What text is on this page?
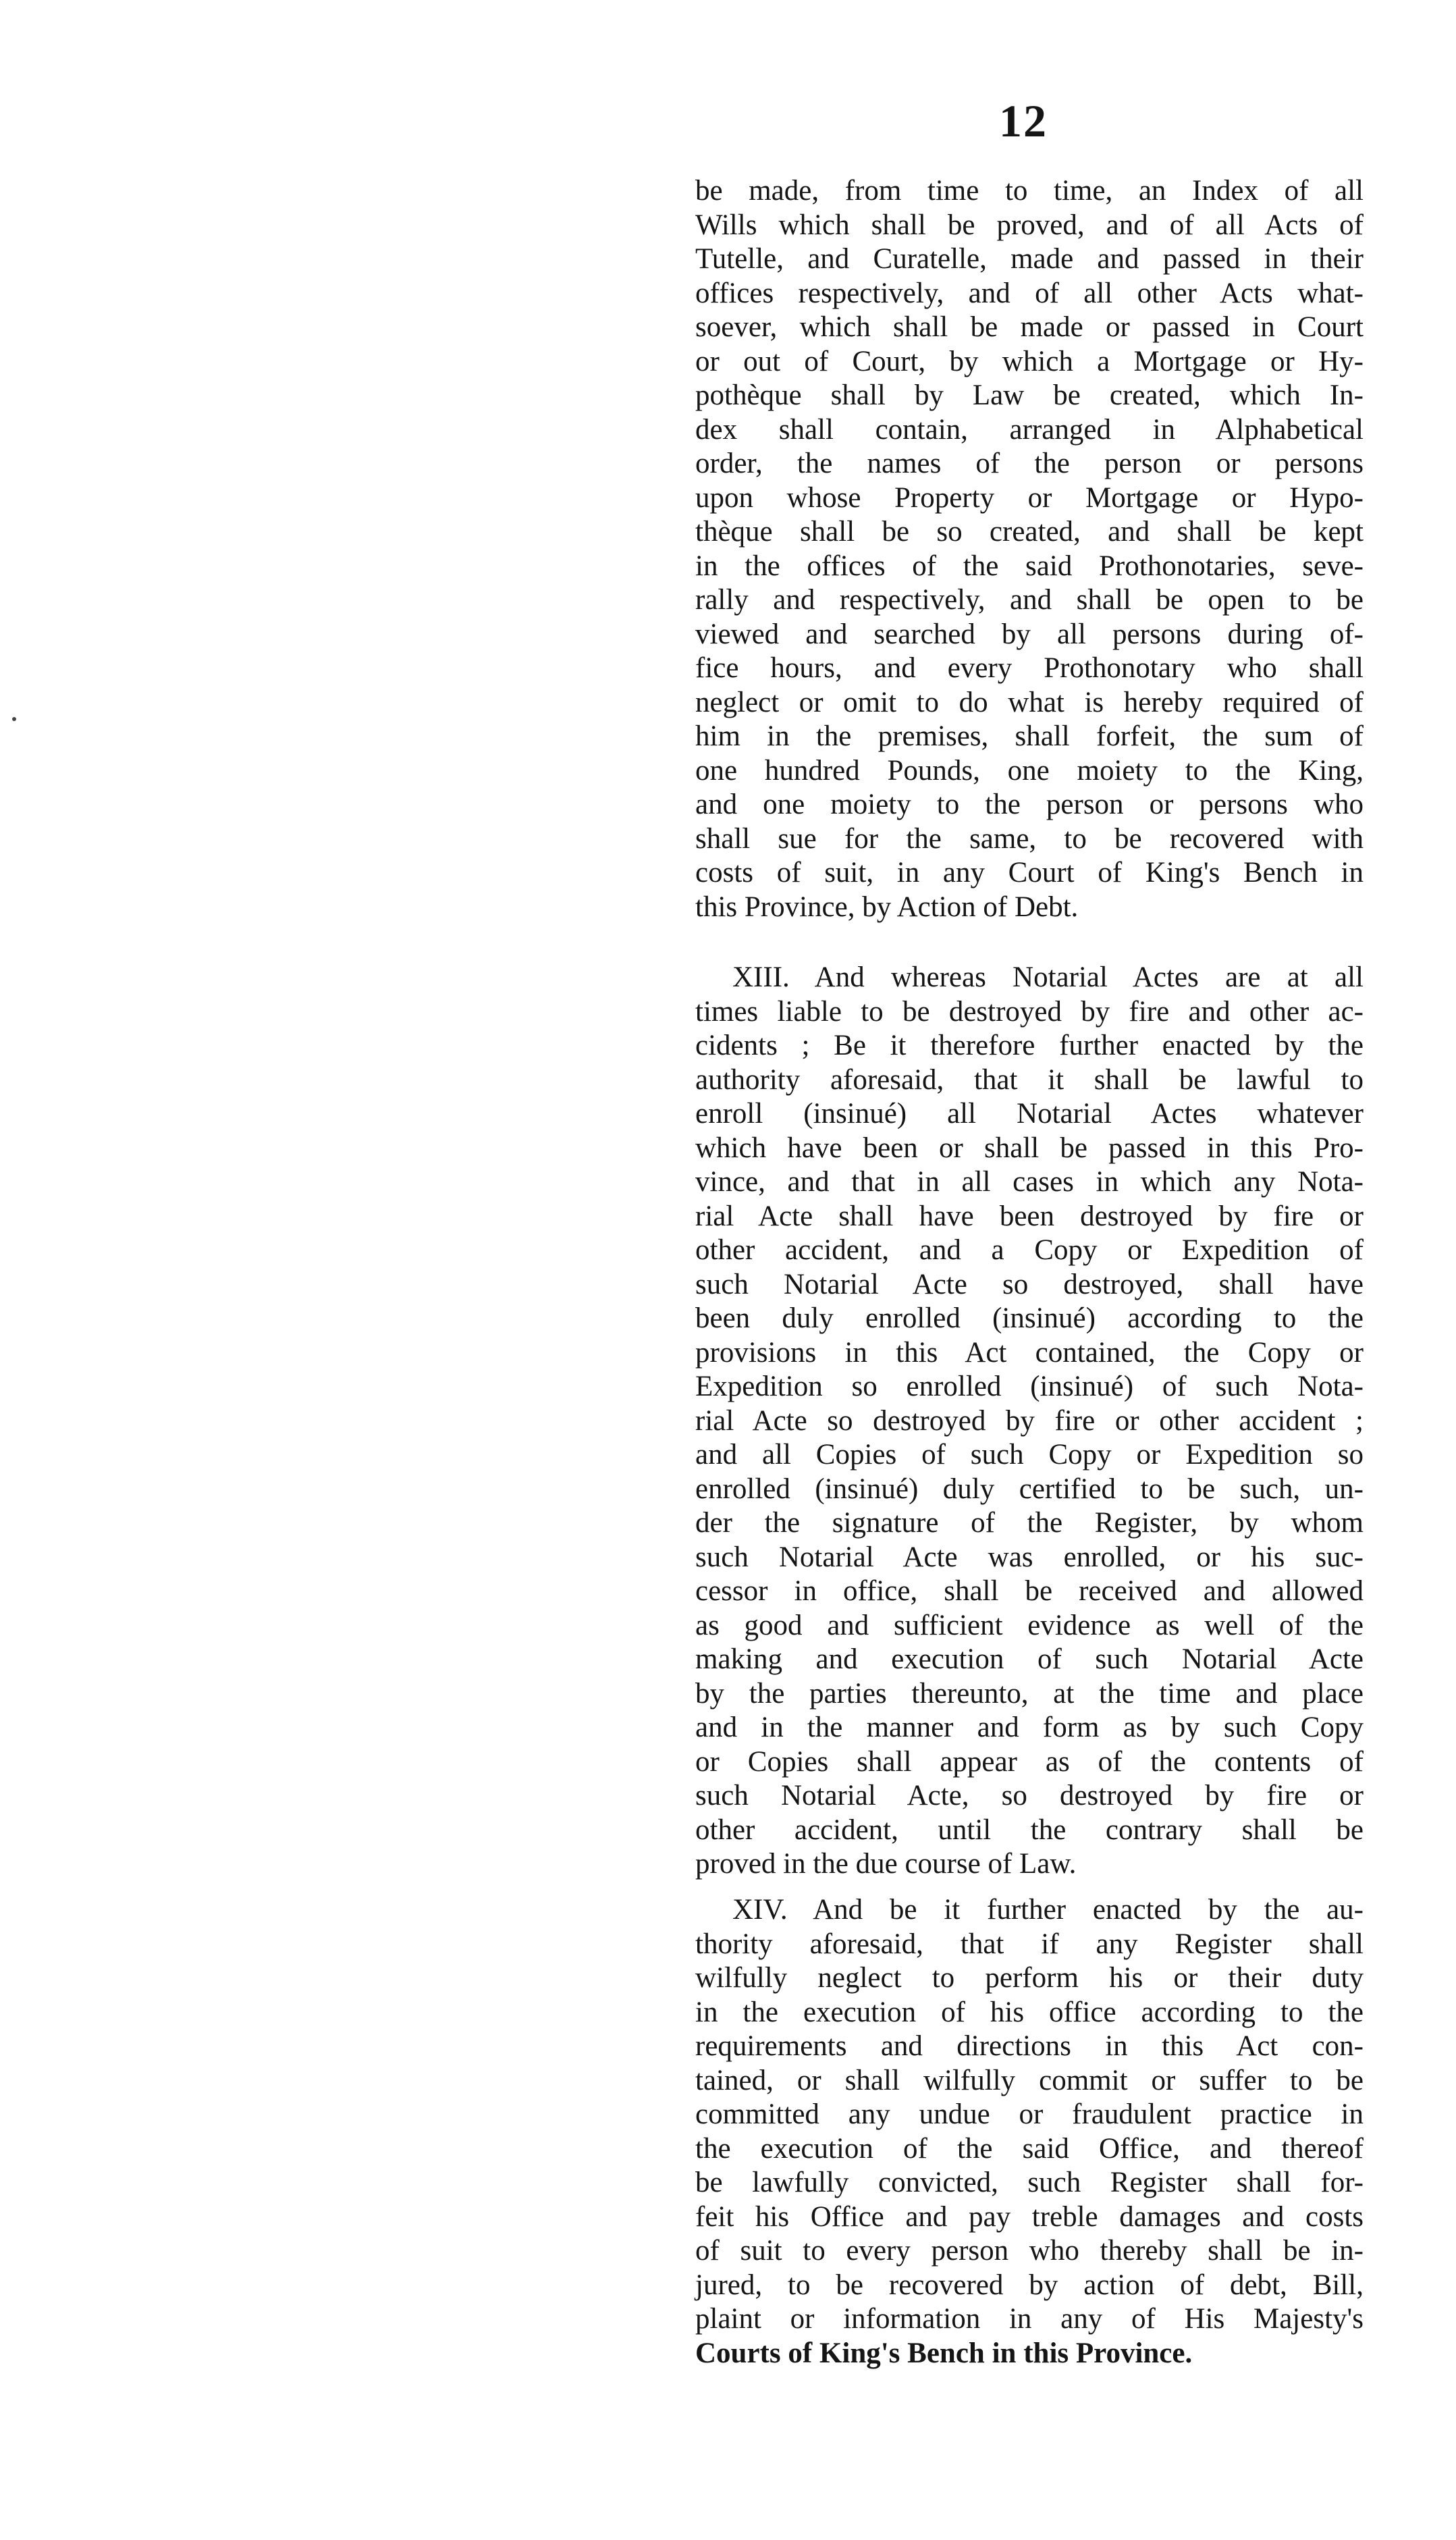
12

be made, from time to time, an Index of all
Wills which shall be proved, and of all Acts of
Tutelle, and Curatelle, made and passed in their
offices respectively, and of all other Acts what-
soever, which shall be made or passed in Court
or out of Court, by which a Mortgage or Hy-
pothèque shall by Law be created, which In-
dex shall contain, arranged in Alphabetical
order, the names of the person or persons
upon whose Property or Mortgage or Hypo-
thèque shall be so created, and shall be kept
in the offices of the said Prothonotaries, seve-
rally and respectively, and shall be open to be
viewed and searched by all persons during of-
fice hours, and every Prothonotary who shall
neglect or omit to do what is hereby required of
him in the premises, shall forfeit, the sum of
one hundred Pounds, one moiety to the King,
and one moiety to the person or persons who
shall sue for the same, to be recovered with
costs of suit, in any Court of King's Bench in
this Province, by Action of Debt.

XIII. And whereas Notarial Actes are at all
times liable to be destroyed by fire and other ac-
cidents ; Be it therefore further enacted by the
authority aforesaid, that it shall be lawful to
enroll (insinué) all Notarial Actes whatever
which have been or shall be passed in this Pro-
vince, and that in all cases in which any Nota-
rial Acte shall have been destroyed by fire or
other accident, and a Copy or Expedition of
such Notarial Acte so destroyed, shall have
been duly enrolled (insinué) according to the
provisions in this Act contained, the Copy or
Expedition so enrolled (insinué) of such Nota-
rial Acte so destroyed by fire or other accident ;
and all Copies of such Copy or Expedition so
enrolled (insinué) duly certified to be such, un-
der the signature of the Register, by whom
such Notarial Acte was enrolled, or his suc-
cessor in office, shall be received and allowed
as good and sufficient evidence as well of the
making and execution of such Notarial Acte
by the parties thereunto, at the time and place
and in the manner and form as by such Copy
or Copies shall appear as of the contents of
such Notarial Acte, so destroyed by fire or
other accident, until the contrary shall be
proved in the due course of Law.

XIV. And be it further enacted by the au-
thority aforesaid, that if any Register shall
wilfully neglect to perform his or their duty
in the execution of his office according to the
requirements and directions in this Act con-
tained, or shall wilfully commit or suffer to be
committed any undue or fraudulent practice in
the execution of the said Office, and thereof
be lawfully convicted, such Register shall for-
feit his Office and pay treble damages and costs
of suit to every person who thereby shall be in-
jured, to be recovered by action of debt, Bill,
plaint or information in any of His Majesty's
Courts of King's Bench in this Province.
